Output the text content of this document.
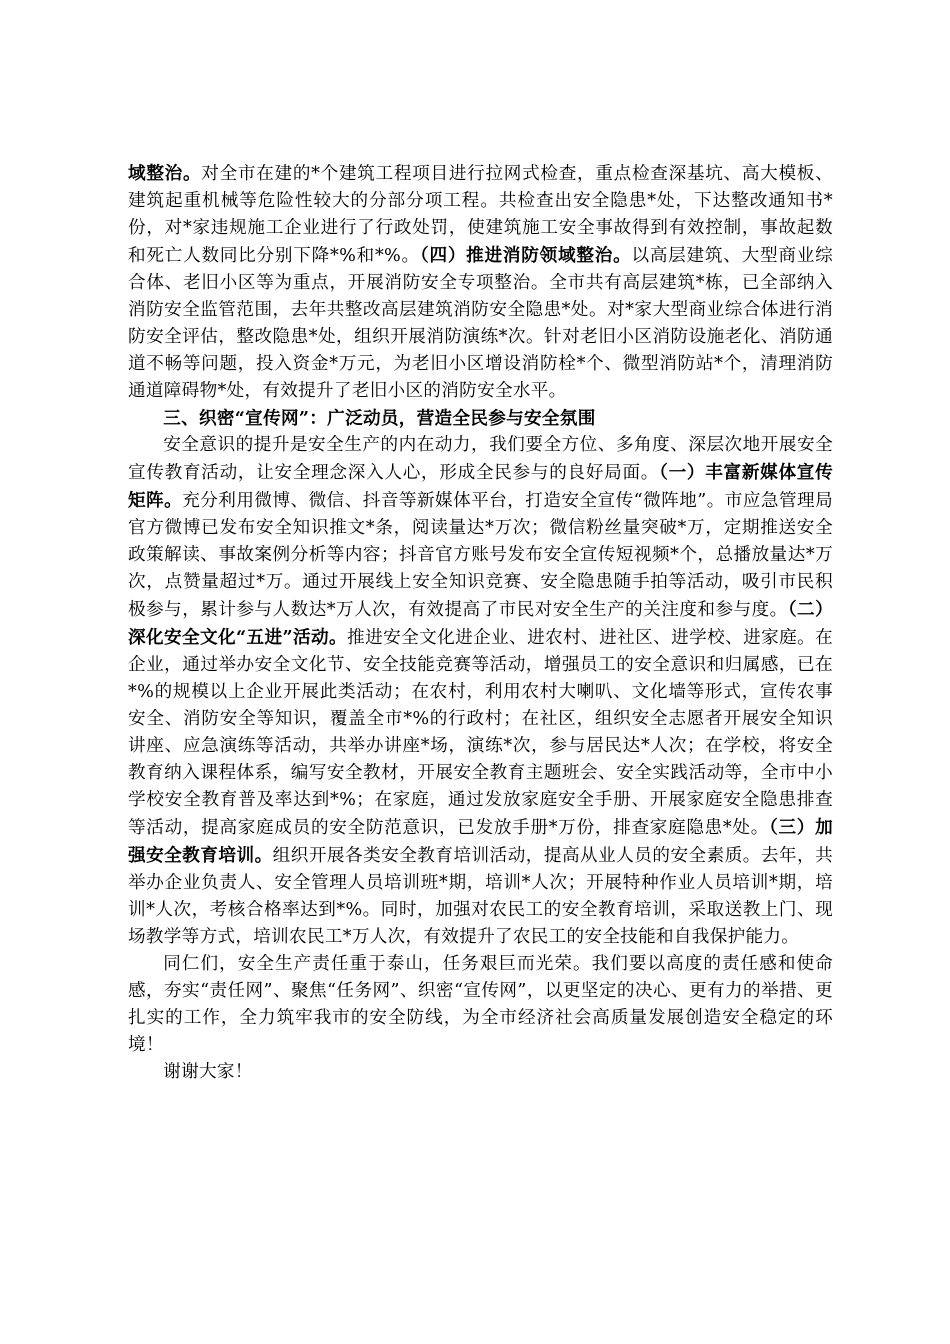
域整治。对全市在建的*个建筑工程项目进行拉网式检查，重点检查深基坑、高大模板、建筑起重机械等危险性较大的分部分项工程。共检查出安全隐患*处，下达整改通知书*份，对*家违规施工企业进行了行政处罚，使建筑施工安全事故得到有效控制，事故起数和死亡人数同比分别下降*%和*%。（四）推进消防领域整治。以高层建筑、大型商业综合体、老旧小区等为重点，开展消防安全专项整治。全市共有高层建筑*栋，已全部纳入消防安全监管范围，去年共整改高层建筑消防安全隐患*处。对*家大型商业综合体进行消防安全评估，整改隐患*处，组织开展消防演练*次。针对老旧小区消防设施老化、消防通道不畅等问题，投入资金*万元，为老旧小区增设消防栓*个、微型消防站*个，清理消防通道障碍物*处，有效提升了老旧小区的消防安全水平。

三、织密“宣传网”：广泛动员，营造全民参与安全氛围

安全意识的提升是安全生产的内在动力，我们要全方位、多角度、深层次地开展安全宣传教育活动，让安全理念深入人心，形成全民参与的良好局面。（一）丰富新媒体宣传矩阵。充分利用微博、微信、抖音等新媒体平台，打造安全宣传“微阵地”。市应急管理局官方微博已发布安全知识推文*条，阅读量达*万次；微信粉丝量突破*万，定期推送安全政策解读、事故案例分析等内容；抖音官方账号发布安全宣传短视频*个，总播放量达*万次，点赞量超过*万。通过开展线上安全知识竞赛、安全隐患随手拍等活动，吸引市民积极参与，累计参与人数达*万人次，有效提高了市民对安全生产的关注度和参与度。（二）深化安全文化“五进”活动。推进安全文化进企业、进农村、进社区、进学校、进家庭。在企业，通过举办安全文化节、安全技能竞赛等活动，增强员工的安全意识和归属感，已在*%的规模以上企业开展此类活动；在农村，利用农村大喇叭、文化墙等形式，宣传农事安全、消防安全等知识，覆盖全市*%的行政村；在社区，组织安全志愿者开展安全知识讲座、应急演练等活动，共举办讲座*场，演练*次，参与居民达*人次；在学校，将安全教育纳入课程体系，编写安全教材，开展安全教育主题班会、安全实践活动等，全市中小学校安全教育普及率达到*%；在家庭，通过发放家庭安全手册、开展家庭安全隐患排查等活动，提高家庭成员的安全防范意识，已发放手册*万份，排查家庭隐患*处。（三）加强安全教育培训。组织开展各类安全教育培训活动，提高从业人员的安全素质。去年，共举办企业负责人、安全管理人员培训班*期，培训*人次；开展特种作业人员培训*期，培训*人次，考核合格率达到*%。同时，加强对农民工的安全教育培训，采取送教上门、现场教学等方式，培训农民工*万人次，有效提升了农民工的安全技能和自我保护能力。

同仁们，安全生产责任重于泰山，任务艰巨而光荣。我们要以高度的责任感和使命感，夯实“责任网”、聚焦“任务网”、织密“宣传网”，以更坚定的决心、更有力的举措、更扎实的工作，全力筑牢我市的安全防线，为全市经济社会高质量发展创造安全稳定的环境！

谢谢大家！
